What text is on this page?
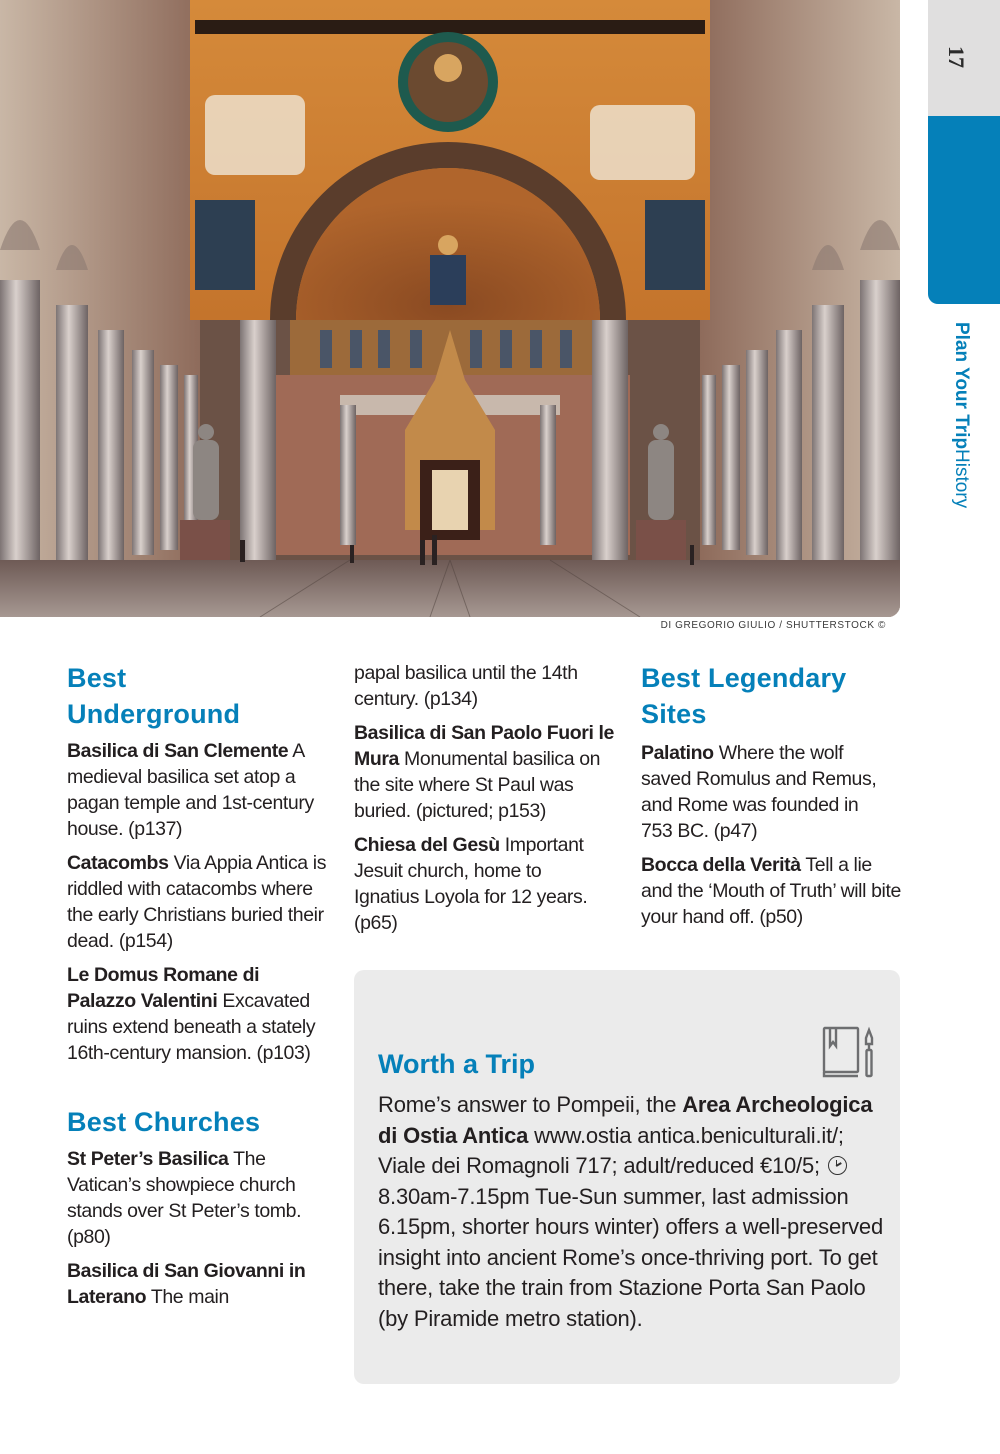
DI GREGORIO GIULIO / SHUTTERSTOCK ©
17
Plan Your TripHistory
Best Underground
Basilica di San Clemente A medieval basilica set atop a pagan temple and 1st-century house. (p137)
Catacombs Via Appia Antica is riddled with catacombs where the early Christians buried their dead. (p154)
Le Domus Romane di Palazzo Valentini Excavated ruins extend beneath a stately 16th-century mansion. (p103)
Best Churches
St Peter’s Basilica The Vatican’s showpiece church stands over St Peter’s tomb. (p80)
Basilica di San Giovanni in Laterano The main
papal basilica until the 14th century. (p134)
Basilica di San Paolo Fuori le Mura Monumental basilica on the site where St Paul was buried. (pictured; p153)
Chiesa del Gesù Important Jesuit church, home to Ignatius Loyola for 12 years. (p65)
Best Legendary Sites
Palatino Where the wolf saved Romulus and Remus, and Rome was founded in 753 BC. (p47)
Bocca della Verità Tell a lie and the ‘Mouth of Truth’ will bite your hand off. (p50)
Worth a Trip
Rome’s answer to Pompeii, the Area Archeologica di Ostia Antica www.ostia antica.beniculturali.it/; Viale dei Romagnoli 717; adult/reduced €10/5; 8.30am-7.15pm Tue-Sun summer, last admission 6.15pm, shorter hours winter) offers a well-preserved insight into ancient Rome’s once-thriving port. To get there, take the train from Stazione Porta San Paolo (by Piramide metro station).
